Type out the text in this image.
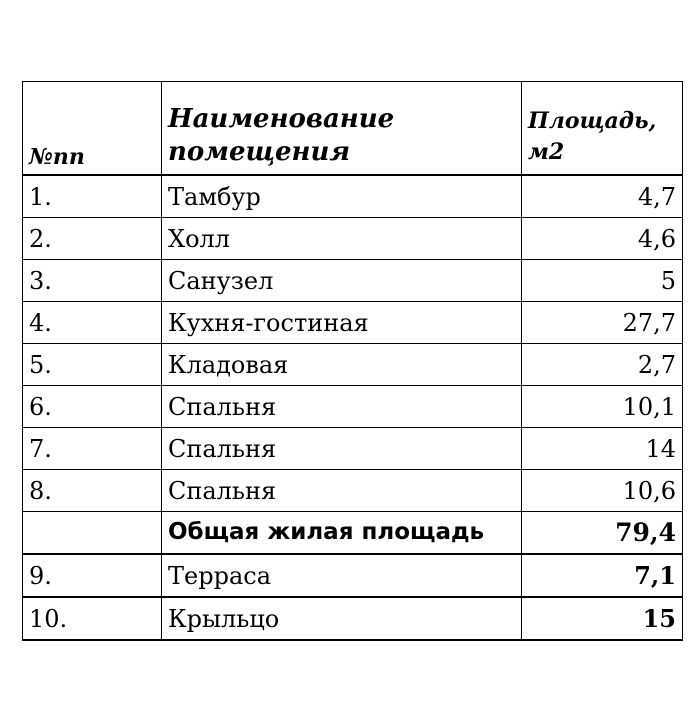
№пп	Наименование помещения	Площадь, м2
1.	Тамбур	4,7
2.	Холл	4,6
3.	Санузел	5
4.	Кухня-гостиная	27,7
5.	Кладовая	2,7
6.	Спальня	10,1
7.	Спальня	14
8.	Спальня	10,6
	Общая жилая площадь	79,4
9.	Терраса	7,1
10.	Крыльцо	15
